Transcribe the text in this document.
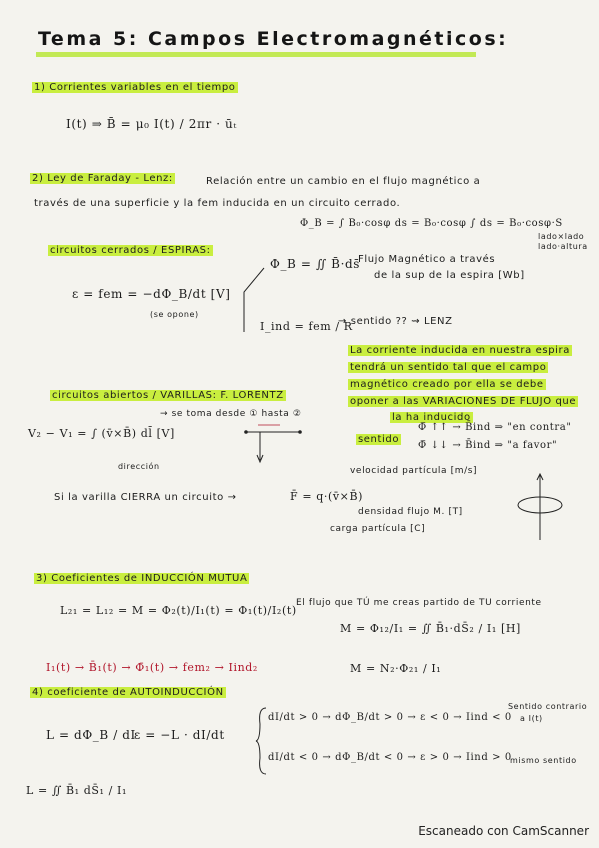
Tema 5: Campos Electromagnéticos:
1) Corrientes variables en el tiempo
I(t) ⇒ B̄ = μ₀ I(t) / 2πr · ūₜ
2) Ley de Faraday - Lenz:	Relación entre un cambio en el flujo magnético a
través de una superficie y la fem inducida en un circuito cerrado.
Φ_B = ∫ B₀·cosφ ds = B₀·cosφ ∫ ds = B₀·cosφ·S
lado×lado
lado·altura
circuitos cerrados / ESPIRAS:
Φ_B = ∬ B̄·ds̄
Flujo Magnético a través
de la sup de la espira [Wb]
ε = fem = −dΦ_B/dt [V]
(se opone)
I_ind = fem / R
→ sentido ?? ⇝ LENZ
La corriente inducida en nuestra espira
tendrá un sentido tal que el campo
magnético creado por ella se debe
oponer a las VARIACIONES DE FLUJO que
la ha inducido
sentido
Φ̄ ↑↑ → B̄ind ⇒ "en contra"
Φ̄ ↓↓ → B̄ind ⇒ "a favor"
circuitos abiertos / VARILLAS: F. LORENTZ
→ se toma desde ① hasta ②
V₂ − V₁ = ∫ (v̄×B̄) dl̄ [V]
dirección
Si la varilla CIERRA un circuito →	F̄ = q·(v̄×B̄)
velocidad partícula [m/s]
densidad flujo M. [T]
carga partícula [C]
3) Coeficientes de INDUCCIÓN MUTUA
L₂₁ = L₁₂ = M = Φ₂(t)/I₁(t) = Φ₁(t)/I₂(t)
El flujo que TÚ me creas partido de TU corriente
M = Φ₁₂/I₁ = ∬ B̄₁·dS̄₂ / I₁ [H]
I₁(t) → B̄₁(t) → Φ̄₁(t) → fem₂ → Iind₂	M = N₂·Φ₂₁ / I₁
4) coeficiente de AUTOINDUCCIÓN
L = dΦ_B / dI
ε = −L · dI/dt
L = ∬ B̄₁ dS̄₁ / I₁
dI/dt > 0 → dΦ_B/dt > 0 → ε < 0 → Iind < 0
dI/dt < 0 → dΦ_B/dt < 0 → ε > 0 → Iind > 0
Sentido contrario
a I(t)
mismo sentido
Escaneado con CamScanner
